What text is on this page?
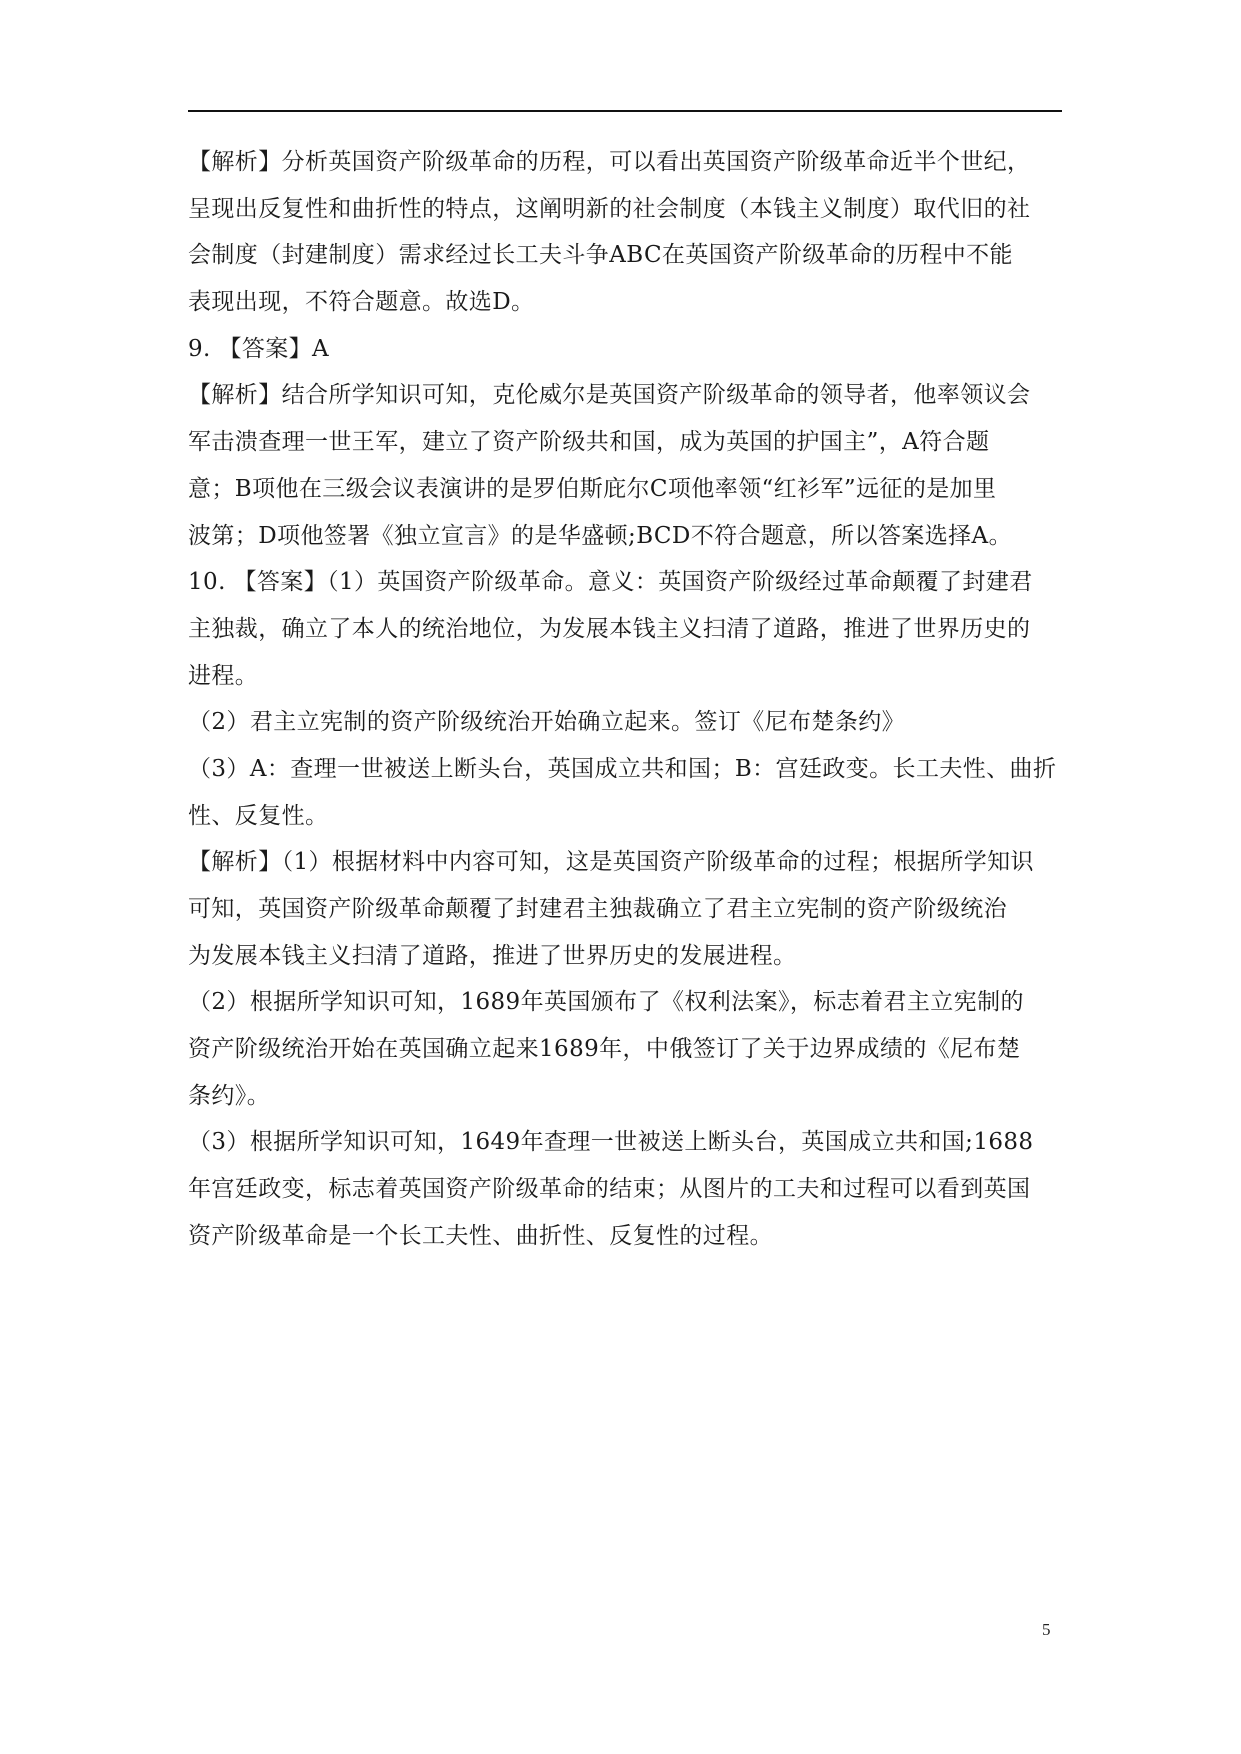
【解析】分析英国资产阶级革命的历程，可以看出英国资产阶级革命近半个世纪，
呈现出反复性和曲折性的特点，这阐明新的社会制度（本钱主义制度）取代旧的社
会制度（封建制度）需求经过长工夫斗争ABC在英国资产阶级革命的历程中不能
表现出现，不符合题意。故选D。
9. 【答案】A
【解析】结合所学知识可知，克伦威尔是英国资产阶级革命的领导者，他率领议会
军击溃查理一世王军，建立了资产阶级共和国，成为英国的护国主”，A符合题
意；B项他在三级会议表演讲的是罗伯斯庇尔C项他率领“红衫军”远征的是加里
波第；D项他签署《独立宣言》的是华盛顿;BCD不符合题意，所以答案选择A。
10. 【答案】（1）英国资产阶级革命。意义：英国资产阶级经过革命颠覆了封建君
主独裁，确立了本人的统治地位，为发展本钱主义扫清了道路，推进了世界历史的
进程。
（2）君主立宪制的资产阶级统治开始确立起来。签订《尼布楚条约》
（3）A：查理一世被送上断头台，英国成立共和国；B：宫廷政变。长工夫性、曲折
性、反复性。
【解析】（1）根据材料中内容可知，这是英国资产阶级革命的过程；根据所学知识
可知，英国资产阶级革命颠覆了封建君主独裁确立了君主立宪制的资产阶级统治
为发展本钱主义扫清了道路，推进了世界历史的发展进程。
（2）根据所学知识可知，1689年英国颁布了《权利法案》，标志着君主立宪制的
资产阶级统治开始在英国确立起来1689年，中俄签订了关于边界成绩的《尼布楚
条约》。
（3）根据所学知识可知，1649年查理一世被送上断头台，英国成立共和国;1688
年宫廷政变，标志着英国资产阶级革命的结束；从图片的工夫和过程可以看到英国
资产阶级革命是一个长工夫性、曲折性、反复性的过程。
5
